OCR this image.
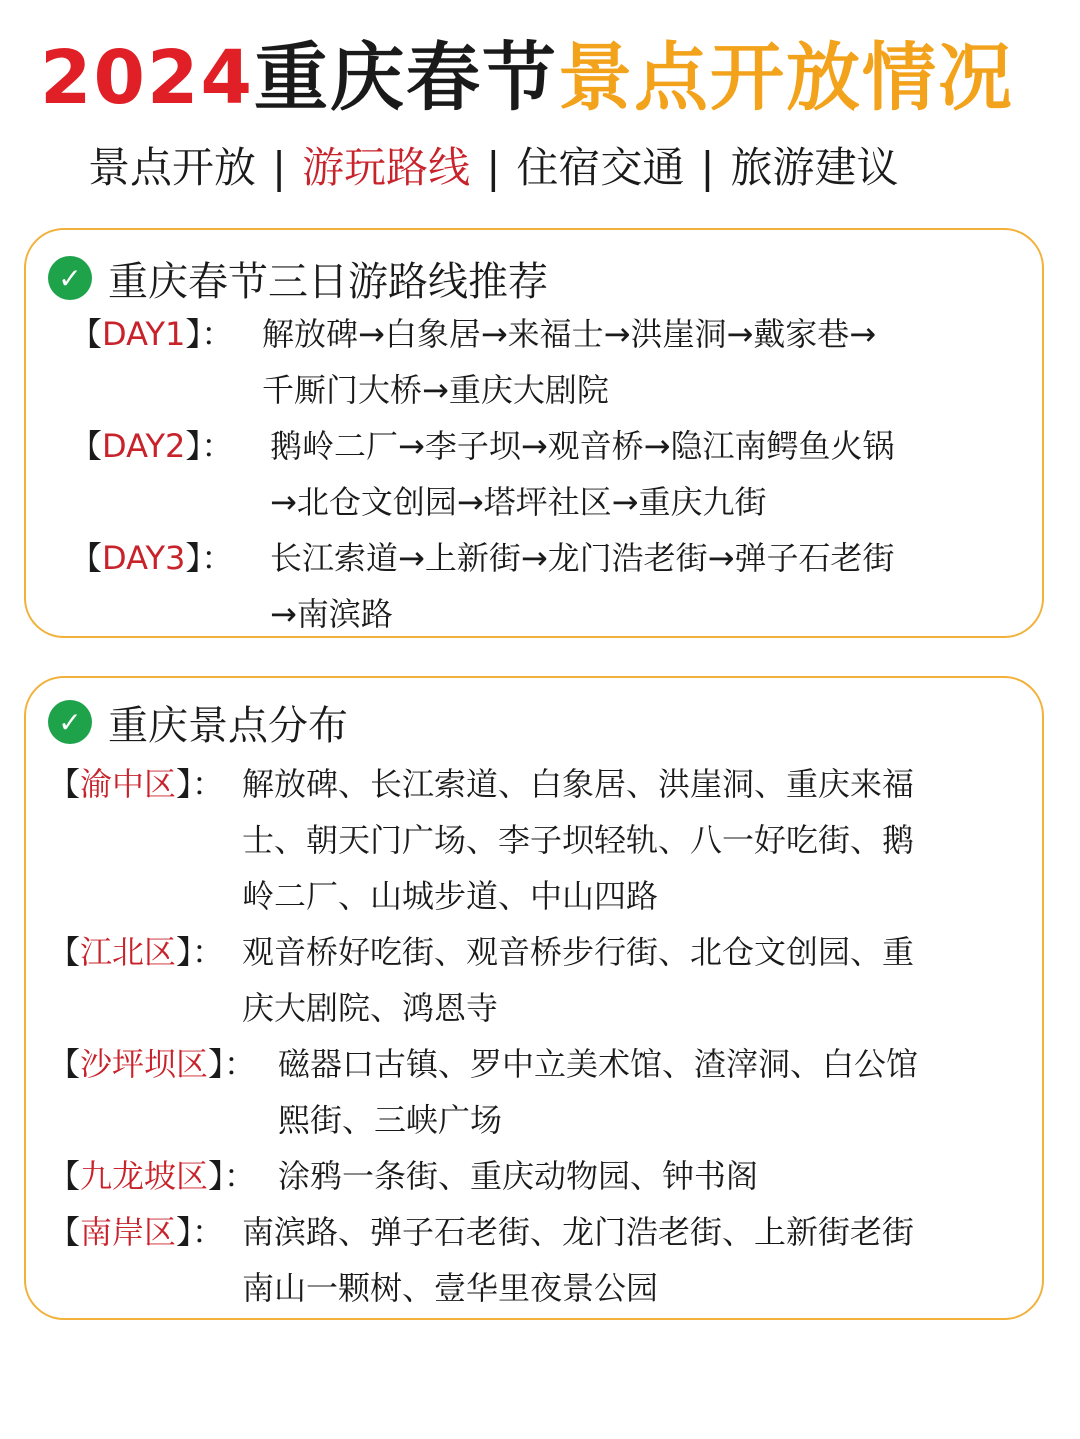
2024重庆春节景点开放情况
景点开放 | 游玩路线 | 住宿交通 | 旅游建议
✓ 重庆春节三日游路线推荐
【DAY1】： 解放碑→白象居→来福士→洪崖洞→戴家巷→
千厮门大桥→重庆大剧院
【DAY2】： 鹅岭二厂→李子坝→观音桥→隐江南鳄鱼火锅
→北仓文创园→塔坪社区→重庆九街
【DAY3】： 长江索道→上新街→龙门浩老街→弹子石老街
→南滨路
✓ 重庆景点分布
【渝中区】： 解放碑、长江索道、白象居、洪崖洞、重庆来福
士、朝天门广场、李子坝轻轨、八一好吃街、鹅
岭二厂、山城步道、中山四路
【江北区】： 观音桥好吃街、观音桥步行街、北仓文创园、重
庆大剧院、鸿恩寺
【沙坪坝区】： 磁器口古镇、罗中立美术馆、渣滓洞、白公馆
熙街、三峡广场
【九龙坡区】： 涂鸦一条街、重庆动物园、钟书阁
【南岸区】： 南滨路、弹子石老街、龙门浩老街、上新街老街
南山一颗树、壹华里夜景公园
